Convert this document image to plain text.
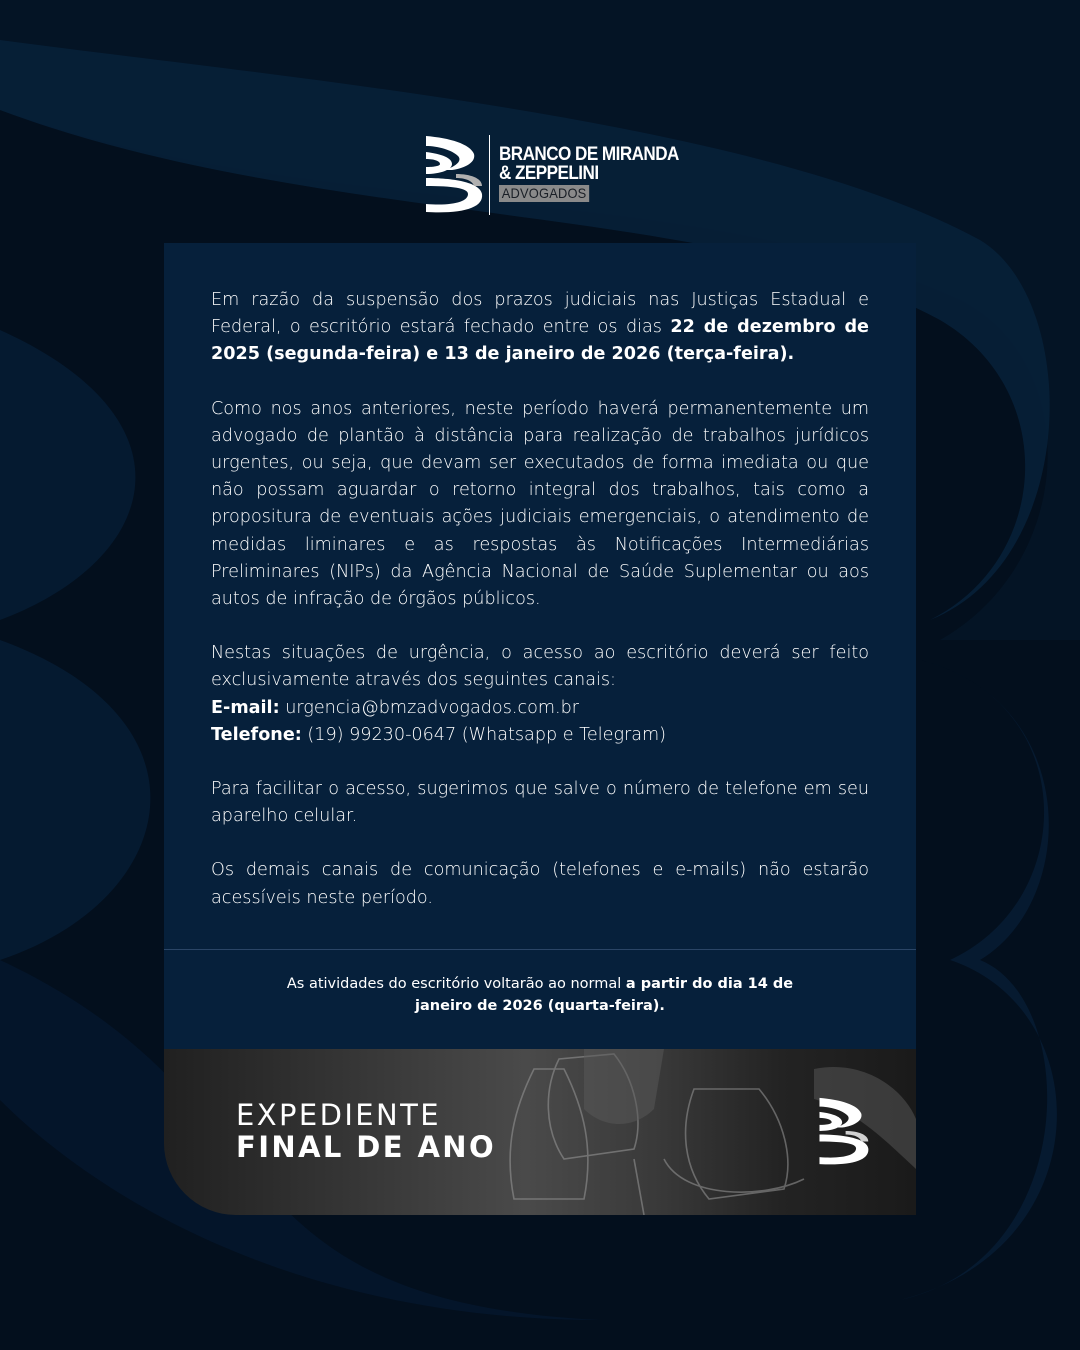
BRANCO DE MIRANDA
& ZEPPELINI
ADVOGADOS

Em razão da suspensão dos prazos judiciais nas Justiças Estadual e Federal, o escritório estará fechado entre os dias 22 de dezembro de 2025 (segunda-feira) e 13 de janeiro de 2026 (terça-feira).

Como nos anos anteriores, neste período haverá permanentemente um advogado de plantão à distância para realização de trabalhos jurídicos urgentes, ou seja, que devam ser executados de forma imediata ou que não possam aguardar o retorno integral dos trabalhos, tais como a propositura de eventuais ações judiciais emergenciais, o atendimento de medidas liminares e as respostas às Notificações Intermediárias Preliminares (NIPs) da Agência Nacional de Saúde Suplementar ou aos autos de infração de órgãos públicos.

Nestas situações de urgência, o acesso ao escritório deverá ser feito exclusivamente através dos seguintes canais:
E-mail: urgencia@bmzadvogados.com.br
Telefone: (19) 99230-0647 (Whatsapp e Telegram)

Para facilitar o acesso, sugerimos que salve o número de telefone em seu aparelho celular.

Os demais canais de comunicação (telefones e e-mails) não estarão acessíveis neste período.

As atividades do escritório voltarão ao normal a partir do dia 14 de janeiro de 2026 (quarta-feira).
EXPEDIENTE
FINAL DE ANO
